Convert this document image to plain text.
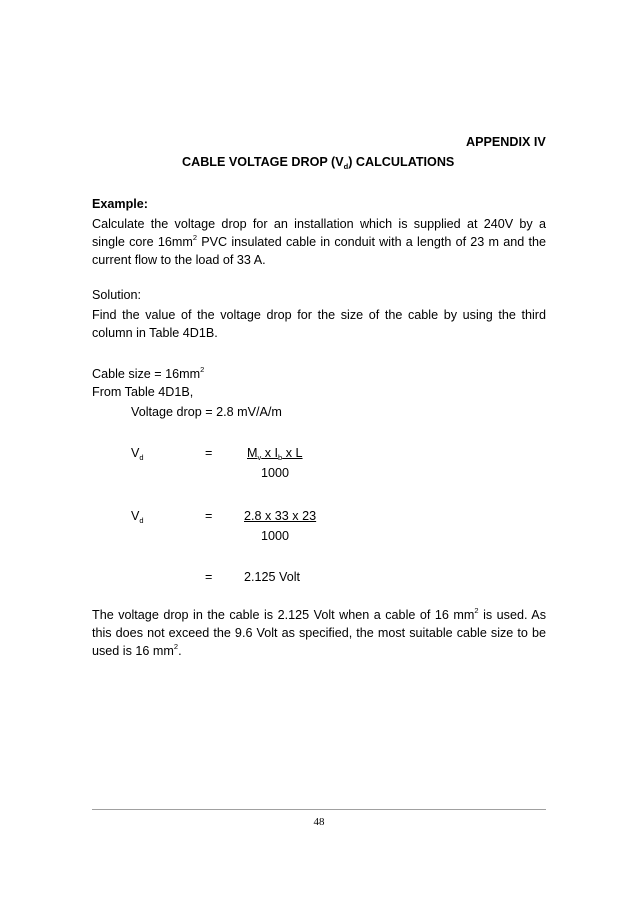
APPENDIX IV
CABLE VOLTAGE DROP $(V_d)$ CALCULATIONS
Example:
Calculate the voltage drop for an installation which is supplied at 240V by a single core $16mm^2$ PVC insulated cable in conduit with a length of 23 m and the current flow to the load of 33 A.
Solution:
Find the value of the voltage drop for the size of the cable by using the third column in Table 4D1B.
Cable size = $16mm^2$
From Table 4D1B,
Voltage drop = 2.8 mV/A/m
$V_d$	=	$M_v$ x $I_b$ x L
1000
$V_d$	=	2.8 x 33 x 23
1000
=	2.125 Volt
The voltage drop in the cable is 2.125 Volt when a cable of 16 $mm^2$ is used. As this does not exceed the 9.6 Volt as specified, the most suitable cable size to be used is 16 $mm^2$.
48
